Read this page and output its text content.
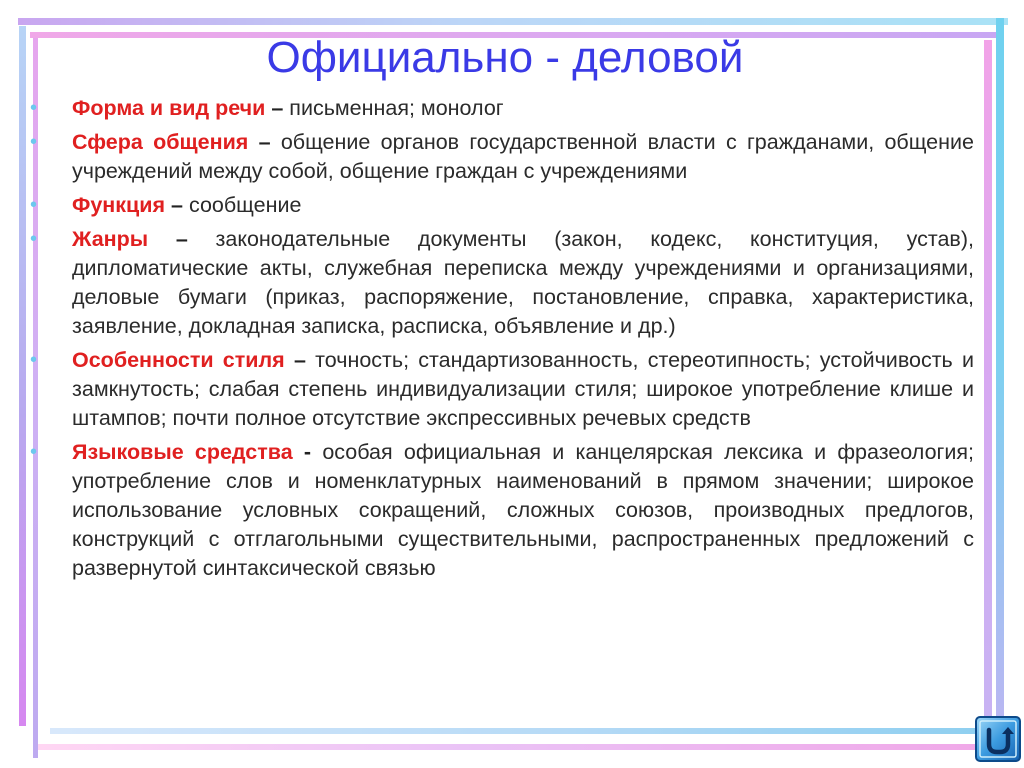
Официально - деловой
• Форма и вид речи – письменная; монолог
• Сфера общения – общение органов государственной власти с гражданами, общение учреждений между собой, общение граждан с учреждениями
• Функция – сообщение
• Жанры – законодательные документы (закон, кодекс, конституция, устав), дипломатические акты, служебная переписка между учреждениями и организациями, деловые бумаги (приказ, распоряжение, постановление, справка, характеристика, заявление, докладная записка, расписка, объявление и др.)
• Особенности стиля – точность; стандартизованность, стереотипность; устойчивость и замкнутость; слабая степень индивидуализации стиля; широкое употребление клише и штампов; почти полное отсутствие экспрессивных речевых средств
• Языковые средства - особая официальная и канцелярская лексика и фразеология; употребление слов и номенклатурных наименований в прямом значении; широкое использование условных сокращений, сложных союзов, производных предлогов, конструкций с отглагольными существительными, распространенных предложений с развернутой синтаксической связью
